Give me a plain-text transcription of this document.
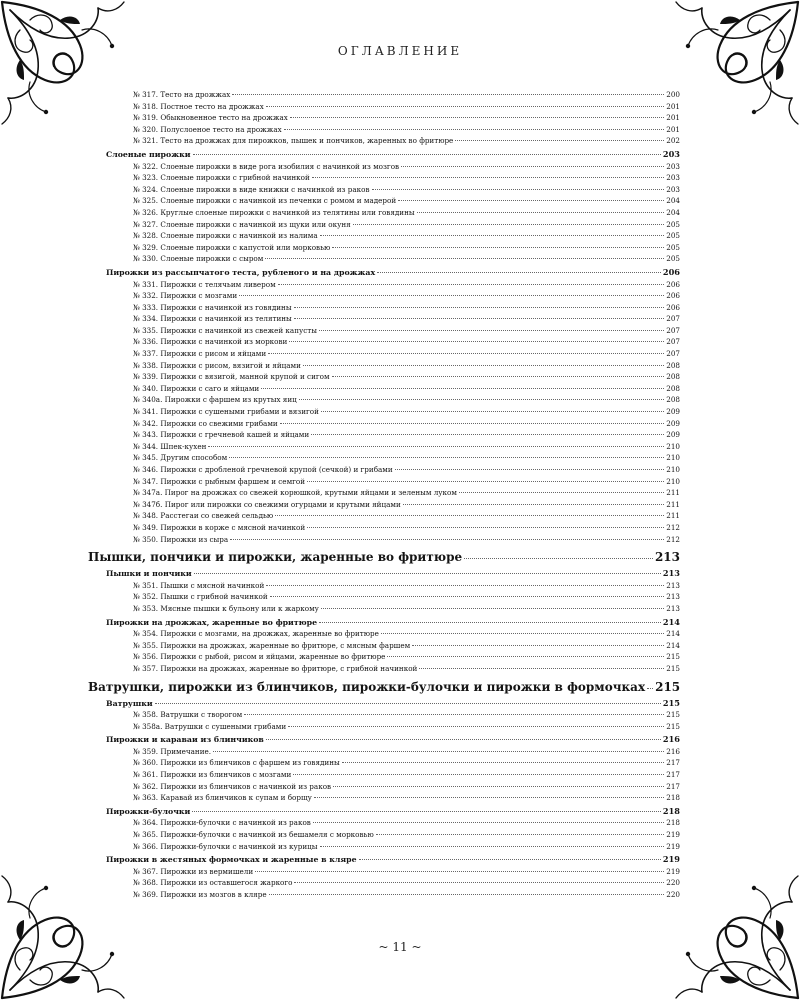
ОГЛАВЛЕНИЕ
№ 317. Тесто на дрожжах	200
№ 318. Постное тесто на дрожжах	201
№ 319. Обыкновенное тесто на дрожжах	201
№ 320. Полуслоеное тесто на дрожжах	201
№ 321. Тесто на дрожжах для пирожков, пышек и пончиков, жаренных во фритюре	202
Слоеные пирожки	203
№ 322. Слоеные пирожки в виде рога изобилия с начинкой из мозгов	203
№ 323. Слоеные пирожки с грибной начинкой	203
№ 324. Слоеные пирожки в виде книжки с начинкой из раков	203
№ 325. Слоеные пирожки с начинкой из печенки с ромом и мадерой	204
№ 326. Круглые слоеные пирожки с начинкой из телятины или говядины	204
№ 327. Слоеные пирожки с начинкой из щуки или окуня	205
№ 328. Слоеные пирожки с начинкой из налима	205
№ 329. Слоеные пирожки с капустой или морковью	205
№ 330. Слоеные пирожки с сыром	205
Пирожки из рассыпчатого теста, рубленого и на дрожжах	206
№ 331. Пирожки с телячьим ливером	206
№ 332. Пирожки с мозгами	206
№ 333. Пирожки с начинкой из говядины	206
№ 334. Пирожки с начинкой из телятины	207
№ 335. Пирожки с начинкой из свежей капусты	207
№ 336. Пирожки с начинкой из моркови	207
№ 337. Пирожки с рисом и яйцами	207
№ 338. Пирожки с рисом, вязигой и яйцами	208
№ 339. Пирожки с вязигой, манной крупой и сигом	208
№ 340. Пирожки с саго и яйцами	208
№ 340а. Пирожки с фаршем из крутых яиц	208
№ 341. Пирожки с сушеными грибами и вязигой	209
№ 342. Пирожки со свежими грибами	209
№ 343. Пирожки с гречневой кашей и яйцами	209
№ 344. Шпек-кухен	210
№ 345. Другим способом	210
№ 346. Пирожки с дробленой гречневой крупой (сечкой) и грибами	210
№ 347. Пирожки с рыбным фаршем и семгой	210
№ 347а. Пирог на дрожжах со свежей корюшкой, крутыми яйцами и зеленым луком	211
№ 347б. Пирог или пирожки со свежими огурцами и крутыми яйцами	211
№ 348. Расстегаи со свежей сельдью	211
№ 349. Пирожки в корже с мясной начинкой	212
№ 350. Пирожки из сыра	212
Пышки, пончики и пирожки, жаренные во фритюре	213
Пышки и пончики	213
№ 351. Пышки с мясной начинкой	213
№ 352. Пышки с грибной начинкой	213
№ 353. Мясные пышки к бульону или к жаркому	213
Пирожки на дрожжах, жаренные во фритюре	214
№ 354. Пирожки с мозгами, на дрожжах, жаренные во фритюре	214
№ 355. Пирожки на дрожжах, жаренные во фритюре, с мясным фаршем	214
№ 356. Пирожки с рыбой, рисом и яйцами, жаренные во фритюре	215
№ 357. Пирожки на дрожжах, жаренные во фритюре, с грибной начинкой	215
Ватрушки, пирожки из блинчиков, пирожки-булочки и пирожки в формочках 215
Ватрушки	215
№ 358. Ватрушки с творогом	215
№ 358а. Ватрушки с сушеными грибами	215
Пирожки и караваи из блинчиков	216
№ 359. Примечание.	216
№ 360. Пирожки из блинчиков с фаршем из говядины	217
№ 361. Пирожки из блинчиков с мозгами	217
№ 362. Пирожки из блинчиков с начинкой из раков	217
№ 363. Каравай из блинчиков к супам и борщу	218
Пирожки-булочки	218
№ 364. Пирожки-булочки с начинкой из раков	218
№ 365. Пирожки-булочки с начинкой из бешамеля с морковью	219
№ 366. Пирожки-булочки с начинкой из курицы	219
Пирожки в жестяных формочках и жаренные в кляре	219
№ 367. Пирожки из вермишели	219
№ 368. Пирожки из оставшегося жаркого	220
№ 369. Пирожки из мозгов в кляре	220
~ 11 ~
